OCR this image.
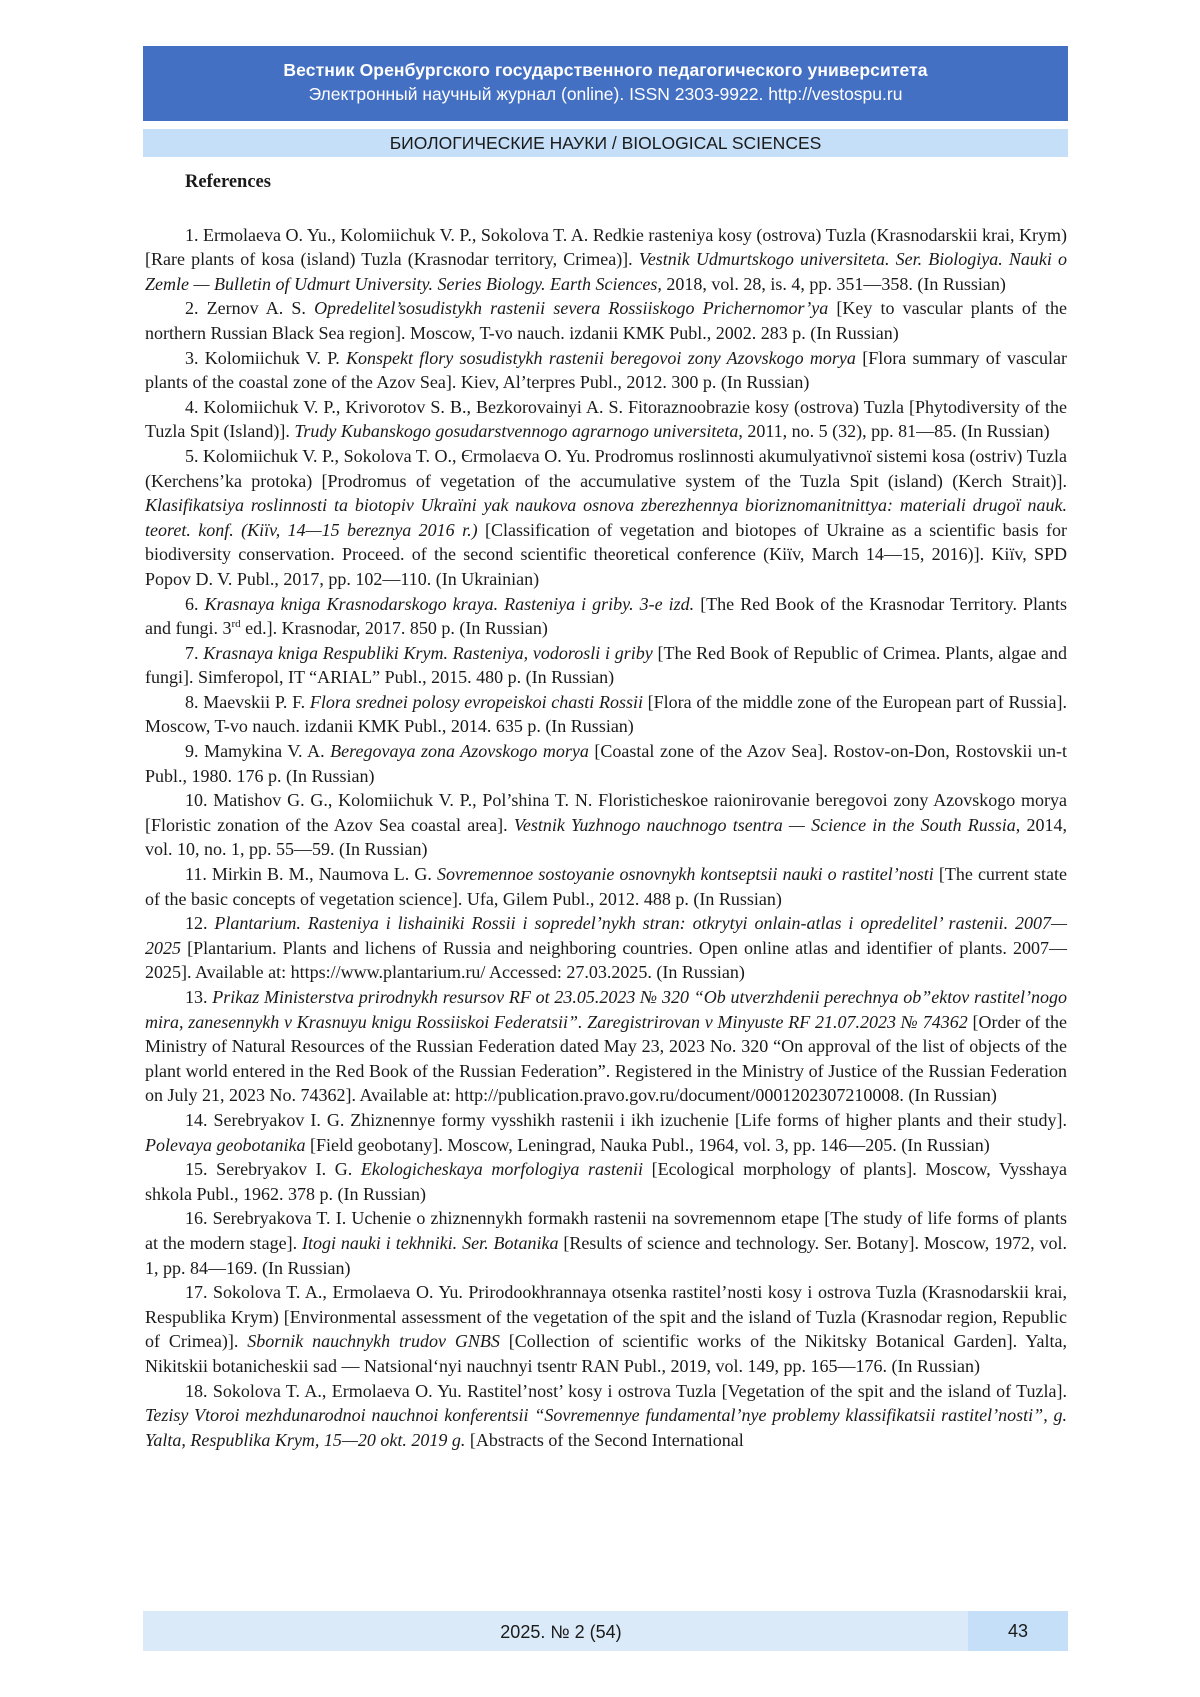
Вестник Оренбургского государственного педагогического университета
Электронный научный журнал (online). ISSN 2303-9922. http://vestospu.ru
БИОЛОГИЧЕСКИЕ НАУКИ / BIOLOGICAL SCIENCES
References

1. Ermolaeva O. Yu., Kolomiichuk V. P., Sokolova T. A. Redkie rasteniya kosy (ostrova) Tuzla (Krasnodarskii krai, Krym) [Rare plants of kosa (island) Tuzla (Krasnodar territory, Crimea)]. Vestnik Udmurtskogo universiteta. Ser. Biologiya. Nauki o Zemle — Bulletin of Udmurt University. Series Biology. Earth Sciences, 2018, vol. 28, is. 4, pp. 351—358. (In Russian)

2. Zernov A. S. Opredelitel’sosudistykh rastenii severa Rossiiskogo Prichernomor’ya [Key to vascular plants of the northern Russian Black Sea region]. Moscow, T-vo nauch. izdanii KMK Publ., 2002. 283 p. (In Russian)

3. Kolomiichuk V. P. Konspekt flory sosudistykh rastenii beregovoi zony Azovskogo morya [Flora summary of vascular plants of the coastal zone of the Azov Sea]. Kiev, Al’terpres Publ., 2012. 300 p. (In Russian)

4. Kolomiichuk V. P., Krivorotov S. B., Bezkorovainyi A. S. Fitoraznoobrazie kosy (ostrova) Tuzla [Phytodiversity of the Tuzla Spit (Island)]. Trudy Kubanskogo gosudarstvennogo agrarnogo universiteta, 2011, no. 5 (32), pp. 81—85. (In Russian)

5. Kolomiichuk V. P., Sokolova T. O., Єrmolaєva O. Yu. Prodromus roslinnosti akumulyativnoї sistemi kosa (ostriv) Tuzla (Kerchens’ka protoka) [Prodromus of vegetation of the accumulative system of the Tuzla Spit (island) (Kerch Strait)]. Klasifikatsiya roslinnosti ta biotopiv Ukraїni yak naukova osnova zberezhennya bioriznomanitnittya: materiali drugoї nauk. teoret. konf. (Kiїv, 14—15 bereznya 2016 r.) [Classification of vegetation and biotopes of Ukraine as a scientific basis for biodiversity conservation. Proceed. of the second scientific theoretical conference (Kiїv, March 14—15, 2016)]. Kiїv, SPD Popov D. V. Publ., 2017, pp. 102—110. (In Ukrainian)

6. Krasnaya kniga Krasnodarskogo kraya. Rasteniya i griby. 3-e izd. [The Red Book of the Krasnodar Territory. Plants and fungi. 3rd ed.]. Krasnodar, 2017. 850 p. (In Russian)

7. Krasnaya kniga Respubliki Krym. Rasteniya, vodorosli i griby [The Red Book of Republic of Crimea. Plants, algae and fungi]. Simferopol, IT “ARIAL” Publ., 2015. 480 p. (In Russian)

8. Maevskii P. F. Flora srednei polosy evropeiskoi chasti Rossii [Flora of the middle zone of the European part of Russia]. Moscow, T-vo nauch. izdanii KMK Publ., 2014. 635 p. (In Russian)

9. Mamykina V. A. Beregovaya zona Azovskogo morya [Coastal zone of the Azov Sea]. Rostov-on-Don, Rostovskii un-t Publ., 1980. 176 p. (In Russian)

10. Matishov G. G., Kolomiichuk V. P., Pol’shina T. N. Floristicheskoe raionirovanie beregovoi zony Azovskogo morya [Floristic zonation of the Azov Sea coastal area]. Vestnik Yuzhnogo nauchnogo tsentra — Science in the South Russia, 2014, vol. 10, no. 1, pp. 55—59. (In Russian)

11. Mirkin B. M., Naumova L. G. Sovremennoe sostoyanie osnovnykh kontseptsii nauki o rastitel’nosti [The current state of the basic concepts of vegetation science]. Ufa, Gilem Publ., 2012. 488 p. (In Russian)

12. Plantarium. Rasteniya i lishainiki Rossii i sopredel’nykh stran: otkrytyi onlain-atlas i opredelitel’ rastenii. 2007—2025 [Plantarium. Plants and lichens of Russia and neighboring countries. Open online atlas and identifier of plants. 2007—2025]. Available at: https://www.plantarium.ru/ Accessed: 27.03.2025. (In Russian)

13. Prikaz Ministerstva prirodnykh resursov RF ot 23.05.2023 № 320 “Ob utverzhdenii perechnya ob”ektov rastitel’nogo mira, zanesennykh v Krasnuyu knigu Rossiiskoi Federatsii”. Zaregistrirovan v Minyuste RF 21.07.2023 № 74362 [Order of the Ministry of Natural Resources of the Russian Federation dated May 23, 2023 No. 320 “On approval of the list of objects of the plant world entered in the Red Book of the Russian Federation”. Registered in the Ministry of Justice of the Russian Federation on July 21, 2023 No. 74362]. Available at: http://publication.pravo.gov.ru/document/0001202307210008. (In Russian)

14. Serebryakov I. G. Zhiznennye formy vysshikh rastenii i ikh izuchenie [Life forms of higher plants and their study]. Polevaya geobotanika [Field geobotany]. Moscow, Leningrad, Nauka Publ., 1964, vol. 3, pp. 146—205. (In Russian)

15. Serebryakov I. G. Ekologicheskaya morfologiya rastenii [Ecological morphology of plants]. Moscow, Vysshaya shkola Publ., 1962. 378 p. (In Russian)

16. Serebryakova T. I. Uchenie o zhiznennykh formakh rastenii na sovremennom etape [The study of life forms of plants at the modern stage]. Itogi nauki i tekhniki. Ser. Botanika [Results of science and technology. Ser. Botany]. Moscow, 1972, vol. 1, pp. 84—169. (In Russian)

17. Sokolova T. A., Ermolaeva O. Yu. Prirodookhrannaya otsenka rastitel’nosti kosy i ostrova Tuzla (Krasnodarskii krai, Respublika Krym) [Environmental assessment of the vegetation of the spit and the island of Tuzla (Krasnodar region, Republic of Crimea)]. Sbornik nauchnykh trudov GNBS [Collection of scientific works of the Nikitsky Botanical Garden]. Yalta, Nikitskii botanicheskii sad — Natsional‘nyi nauchnyi tsentr RAN Publ., 2019, vol. 149, pp. 165—176. (In Russian)

18. Sokolova T. A., Ermolaeva O. Yu. Rastitel’nost’ kosy i ostrova Tuzla [Vegetation of the spit and the island of Tuzla]. Tezisy Vtoroi mezhdunarodnoi nauchnoi konferentsii “Sovremennye fundamental’nye problemy klassifikatsii rastitel’nosti”, g. Yalta, Respublika Krym, 15—20 okt. 2019 g. [Abstracts of the Second International

2025. № 2 (54)	43
